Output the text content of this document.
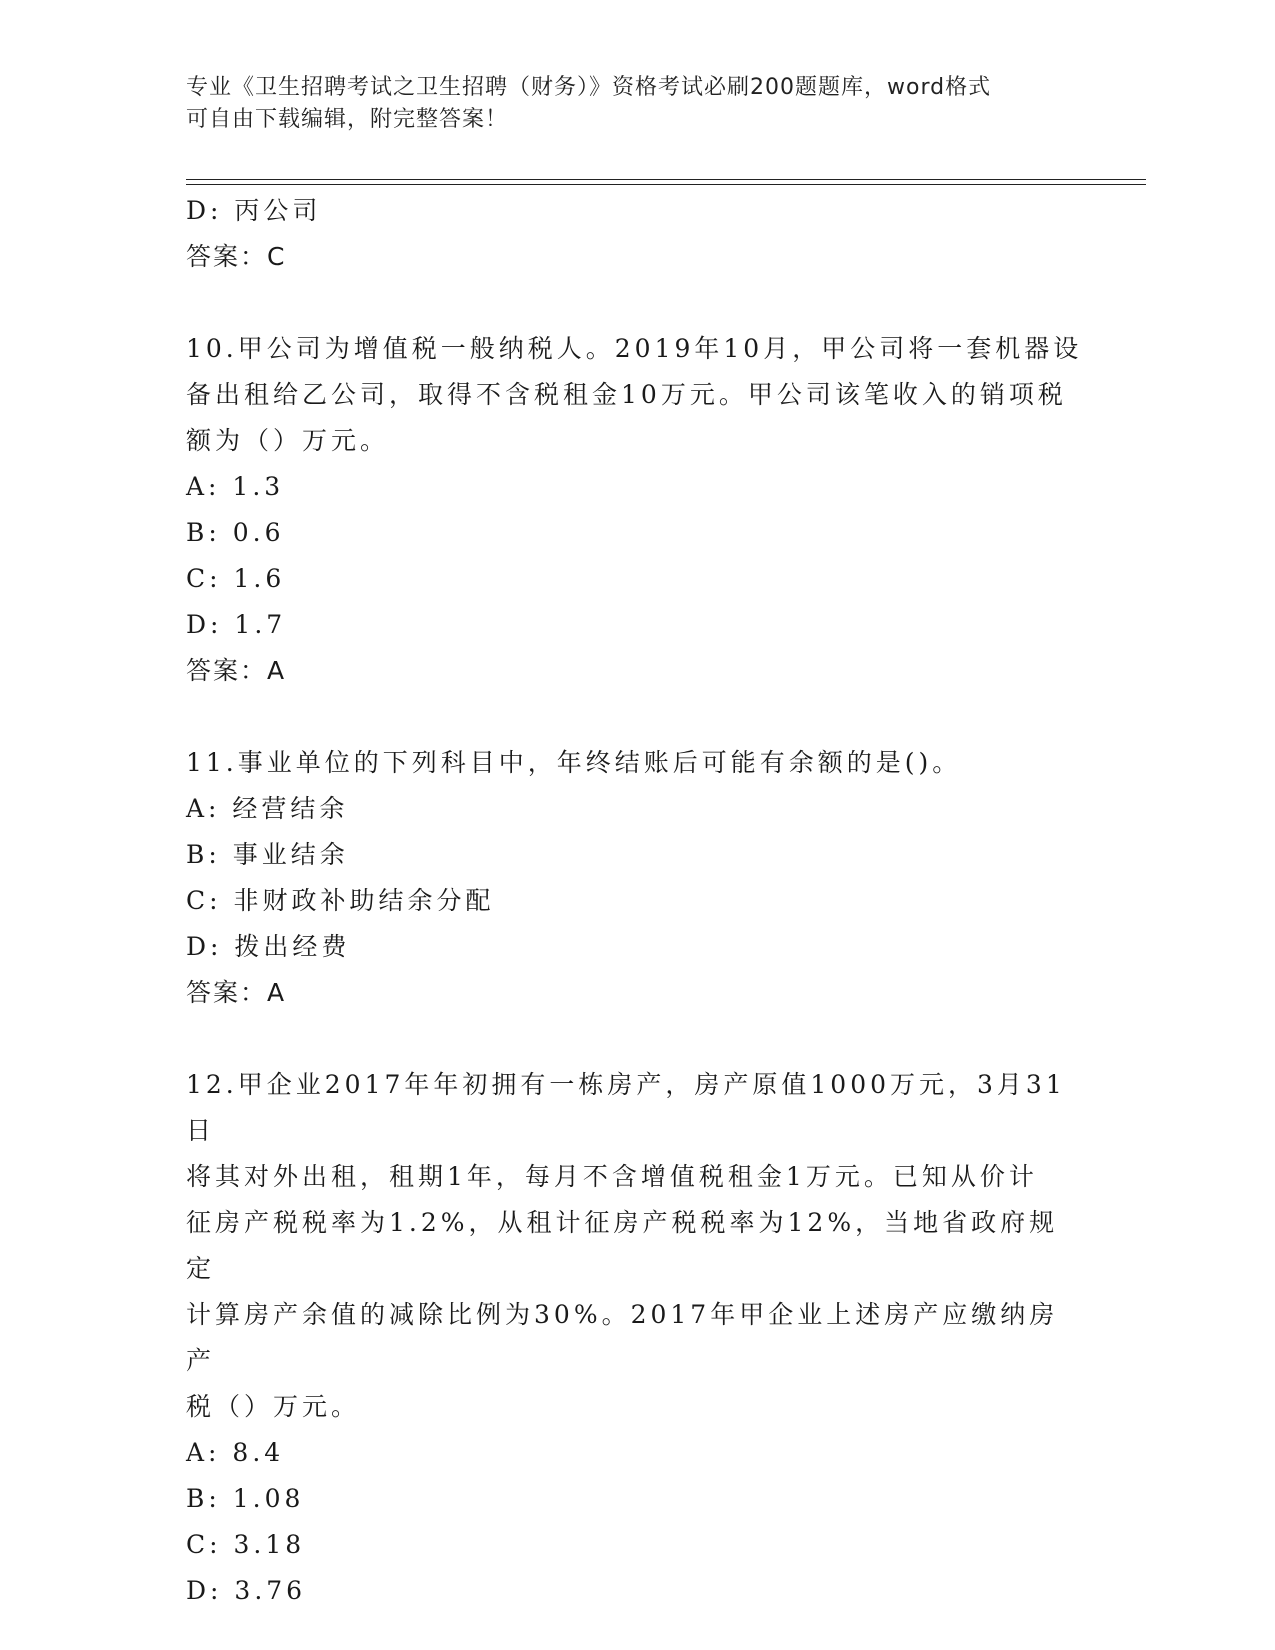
专业《卫生招聘考试之卫生招聘（财务）》资格考试必刷200题题库，word格式
可自由下载编辑，附完整答案！
D: 丙公司
答案：C
10.甲公司为增值税一般纳税人。2019年10月，甲公司将一套机器设
备出租给乙公司，取得不含税租金10万元。甲公司该笔收入的销项税
额为（）万元。
A: 1.3
B: 0.6
C: 1.6
D: 1.7
答案：A
11.事业单位的下列科目中，年终结账后可能有余额的是()。
A: 经营结余
B: 事业结余
C: 非财政补助结余分配
D: 拨出经费
答案：A
12.甲企业2017年年初拥有一栋房产，房产原值1000万元，3月31日
将其对外出租，租期1年，每月不含增值税租金1万元。已知从价计
征房产税税率为1.2%，从租计征房产税税率为12%，当地省政府规定
计算房产余值的减除比例为30%。2017年甲企业上述房产应缴纳房产
税（）万元。
A: 8.4
B: 1.08
C: 3.18
D: 3.76
